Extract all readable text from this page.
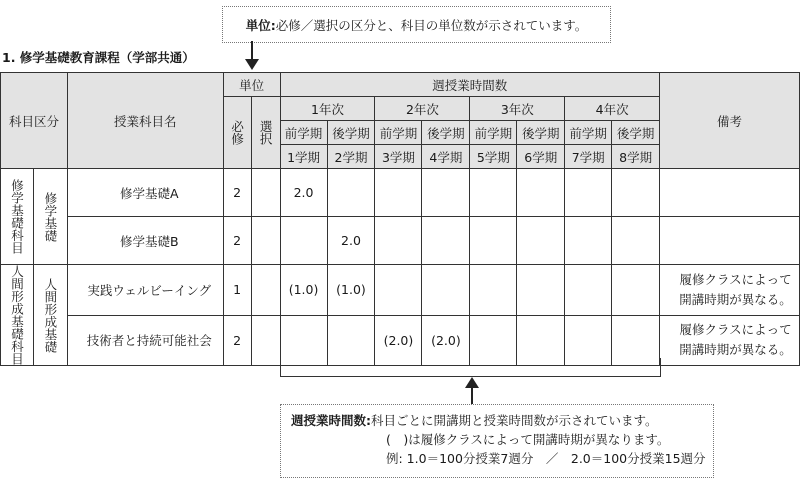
単位: 必修／選択の区分と、科目の単位数が示されています。
1. 修学基礎教育課程（学部共通）
科目区分		授業科目名	単位		週授業時間数								備考

			必修	選択	1年次		2年次		3年次		4年次		
					前学期	後学期	前学期	後学期	前学期	後学期	前学期	後学期	
					1学期	2学期	3学期	4学期	5学期	6学期	7学期	8学期	

修学基礎科目	修学基礎	修学基礎A	2		2.0								
		修学基礎B	2			2.0							

人間形成基礎科目	人間形成基礎	実践ウェルビーイング	1		(1.0)	(1.0)							履修クラスによって
開講時期が異なる。
		技術者と持続可能社会	2				(2.0)	(2.0)					履修クラスによって
開講時期が異なる。
週授業時間数:科目ごとに開講期と授業時間数が示されています。
(　)は履修クラスによって開講時期が異なります。
例: 1.0＝100分授業7週分　／　2.0＝100分授業15週分
